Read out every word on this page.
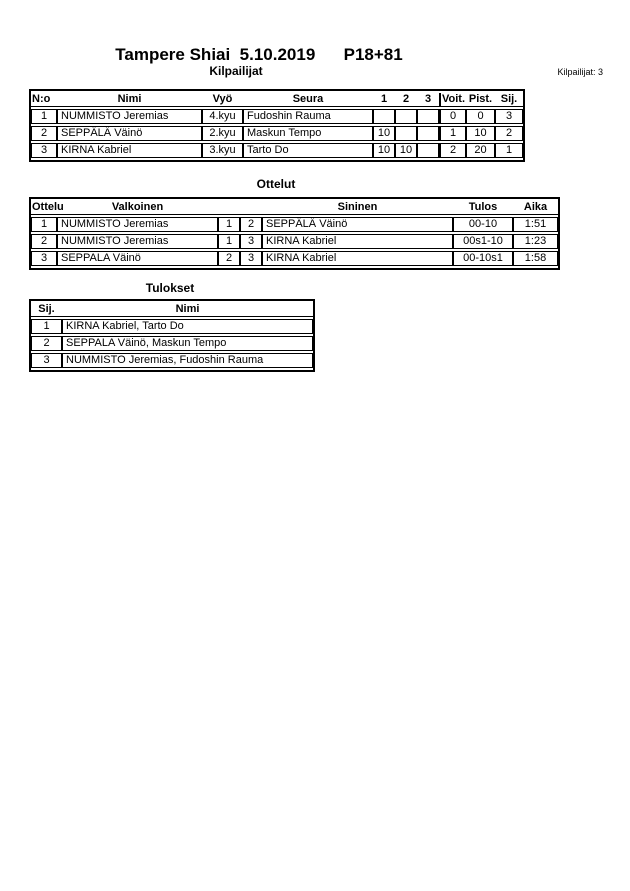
Tampere Shiai  5.10.2019      P18+81
Kilpailijat	Kilpailijat: 3
N:o	Nimi	Vyö	Seura	1	2	3	Voit.	Pist.	Sij.
1	NUMMISTO Jeremias	4.kyu	Fudoshin Rauma				0	0	3
2	SEPPÄLÄ Väinö	2.kyu	Maskun Tempo	10			1	10	2
3	KIRNA Kabriel	3.kyu	Tarto Do	10	10		2	20	1
Ottelut
Ottelu	Valkoinen			Sininen	Tulos	Aika
1	NUMMISTO Jeremias	1	2	SEPPÄLÄ Väinö	00-10	1:51
2	NUMMISTO Jeremias	1	3	KIRNA Kabriel	00s1-10	1:23
3	SEPPALA Väinö	2	3	KIRNA Kabriel	00-10s1	1:58
Tulokset
Sij.	Nimi
1	KIRNA Kabriel, Tarto Do
2	SEPPALA Väinö, Maskun Tempo
3	NUMMISTO Jeremias, Fudoshin Rauma
